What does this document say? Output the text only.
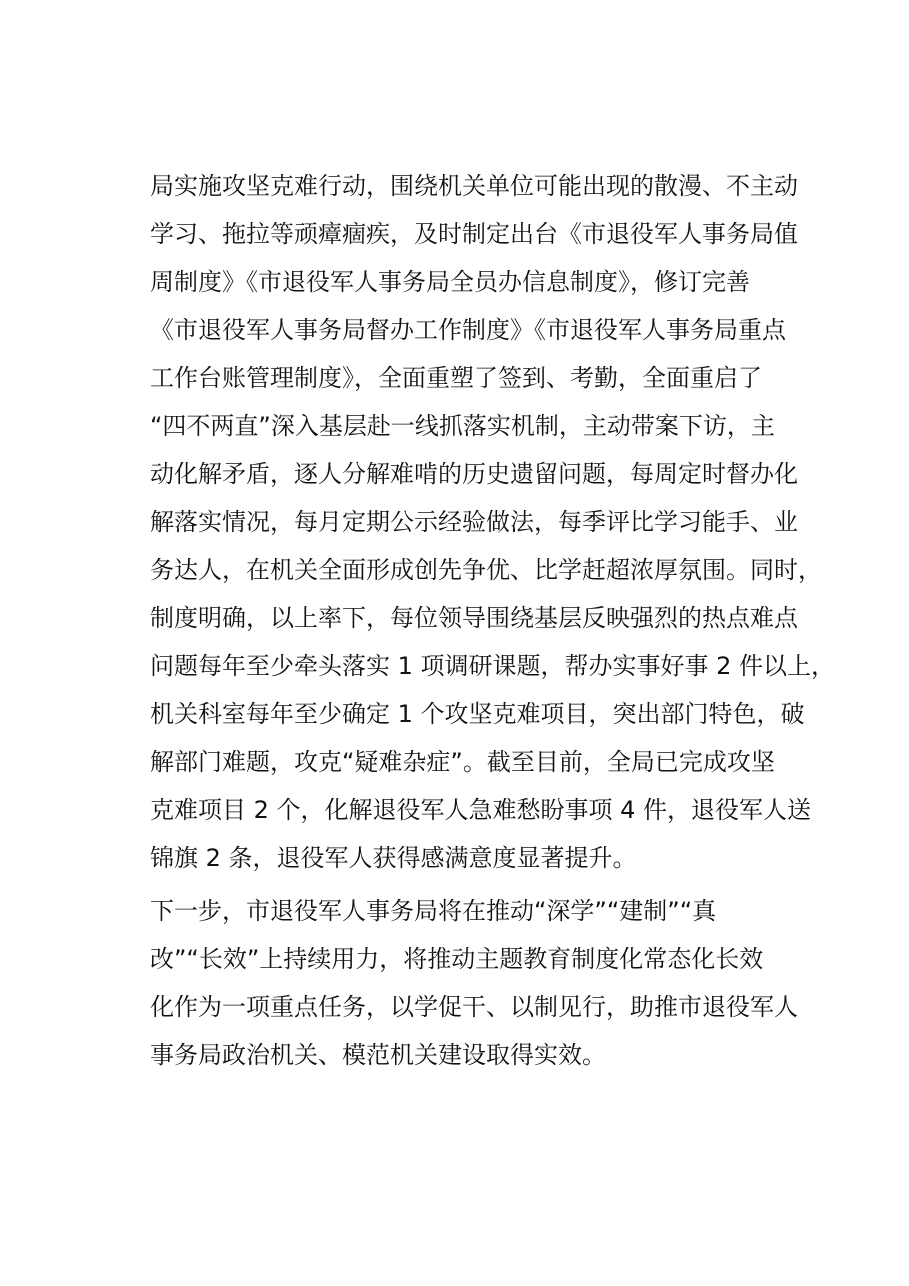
局实施攻坚克难行动，围绕机关单位可能出现的散漫、不主动
学习、拖拉等顽瘴痼疾，及时制定出台《市退役军人事务局值
周制度》《市退役军人事务局全员办信息制度》，修订完善
《市退役军人事务局督办工作制度》《市退役军人事务局重点
工作台账管理制度》，全面重塑了签到、考勤，全面重启了
“四不两直”深入基层赴一线抓落实机制，主动带案下访，主
动化解矛盾，逐人分解难啃的历史遗留问题，每周定时督办化
解落实情况，每月定期公示经验做法，每季评比学习能手、业
务达人，在机关全面形成创先争优、比学赶超浓厚氛围。同时，
制度明确，以上率下，每位领导围绕基层反映强烈的热点难点
问题每年至少牵头落实 1 项调研课题，帮办实事好事 2 件以上，
机关科室每年至少确定 1 个攻坚克难项目，突出部门特色，破
解部门难题，攻克“疑难杂症”。截至目前，全局已完成攻坚
克难项目 2 个，化解退役军人急难愁盼事项 4 件，退役军人送
锦旗 2 条，退役军人获得感满意度显著提升。
下一步，市退役军人事务局将在推动“深学”“建制”“真
改”“长效”上持续用力，将推动主题教育制度化常态化长效
化作为一项重点任务，以学促干、以制见行，助推市退役军人
事务局政治机关、模范机关建设取得实效。
